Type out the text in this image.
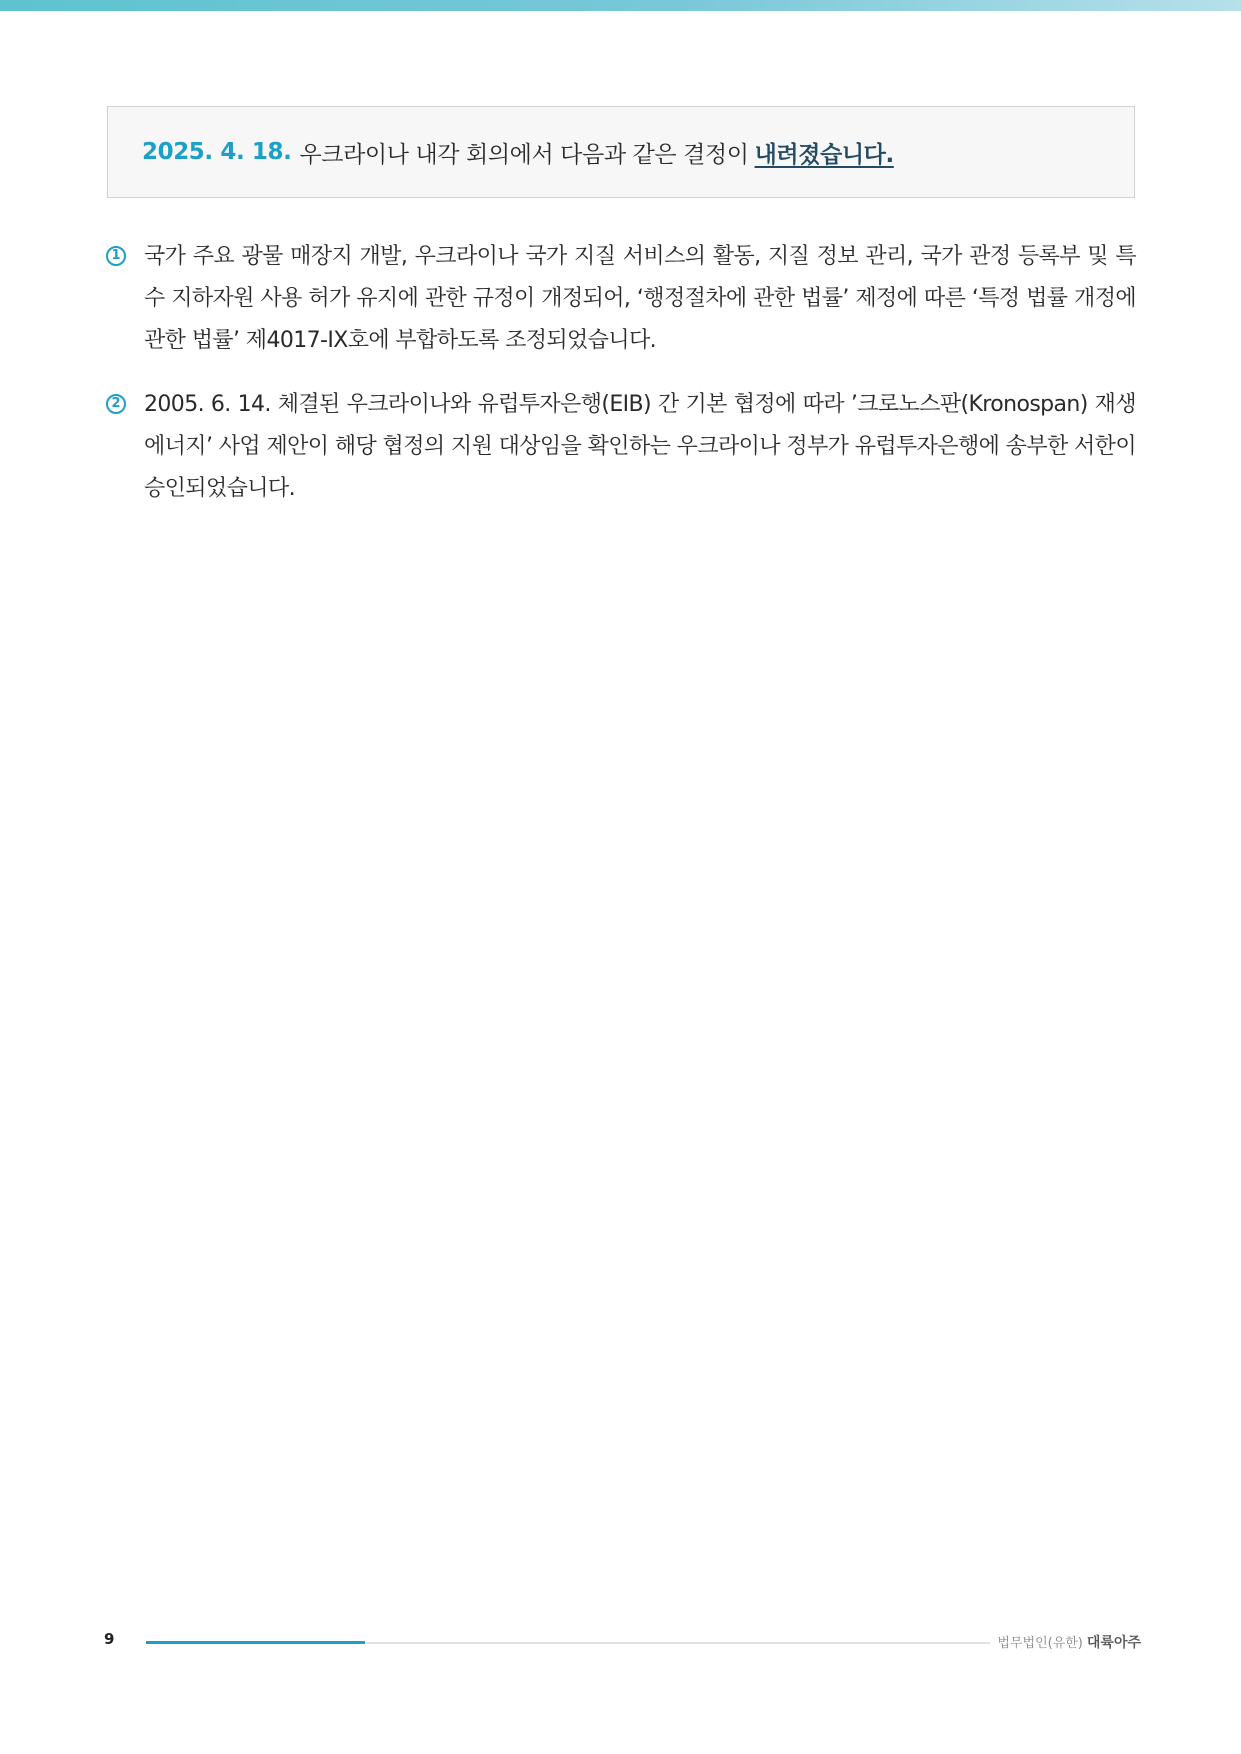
2025. 4. 18. 우크라이나 내각 회의에서 다음과 같은 결정이 내려졌습니다.
1 국가 주요 광물 매장지 개발, 우크라이나 국가 지질 서비스의 활동, 지질 정보 관리, 국가 관정 등록부 및 특수 지하자원 사용 허가 유지에 관한 규정이 개정되어, ‘행정절차에 관한 법률’ 제정에 따른 ‘특정 법률 개정에 관한 법률’ 제4017-IX호에 부합하도록 조정되었습니다.
2 2005. 6. 14. 체결된 우크라이나와 유럽투자은행(EIB) 간 기본 협정에 따라 ’크로노스판(Kronospan) 재생에너지’ 사업 제안이 해당 협정의 지원 대상임을 확인하는 우크라이나 정부가 유럽투자은행에 송부한 서한이 승인되었습니다.
9	법무법인(유한) 대륙아주
